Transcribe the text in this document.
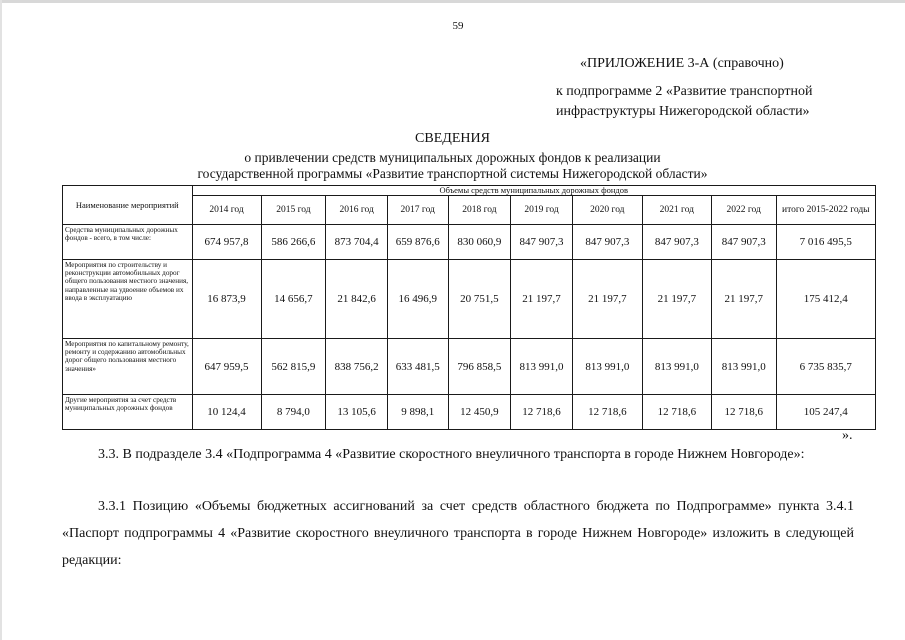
59
«ПРИЛОЖЕНИЕ 3-А (справочно)
к подпрограмме 2 «Развитие транспортной
инфраструктуры Нижегородской области»
СВЕДЕНИЯ
о привлечении средств муниципальных дорожных фондов к реализации
государственной программы «Развитие транспортной системы Нижегородской области»
Наименование мероприятий	Объемы средств муниципальных дорожных фондов									
	2014 год	2015 год	2016 год	2017 год	2018 год	2019 год	2020 год	2021 год	2022 год	итого 2015-2022 годы
Средства муниципальных дорожных фондов - всего, в том числе:	674 957,8	586 266,6	873 704,4	659 876,6	830 060,9	847 907,3	847 907,3	847 907,3	847 907,3	7 016 495,5
Мероприятия по строительству и реконструкции автомобильных дорог общего пользования местного значения, направленные на удвоение объемов их ввода в эксплуатацию	16 873,9	14 656,7	21 842,6	16 496,9	20 751,5	21 197,7	21 197,7	21 197,7	21 197,7	175 412,4
Мероприятия по капитальному ремонту, ремонту и содержанию автомобильных дорог общего пользования местного значения»	647 959,5	562 815,9	838 756,2	633 481,5	796 858,5	813 991,0	813 991,0	813 991,0	813 991,0	6 735 835,7
Другие мероприятия за счет средств муниципальных дорожных фондов	10 124,4	8 794,0	13 105,6	9 898,1	12 450,9	12 718,6	12 718,6	12 718,6	12 718,6	105 247,4
».
3.3. В подразделе 3.4 «Подпрограмма 4 «Развитие скоростного внеуличного транспорта в городе Нижнем Новгороде»:
3.3.1 Позицию «Объемы бюджетных ассигнований за счет средств областного бюджета по Подпрограмме» пункта 3.4.1 «Паспорт подпрограммы 4 «Развитие скоростного внеуличного транспорта в городе Нижнем Новгороде» изложить в следующей редакции:
